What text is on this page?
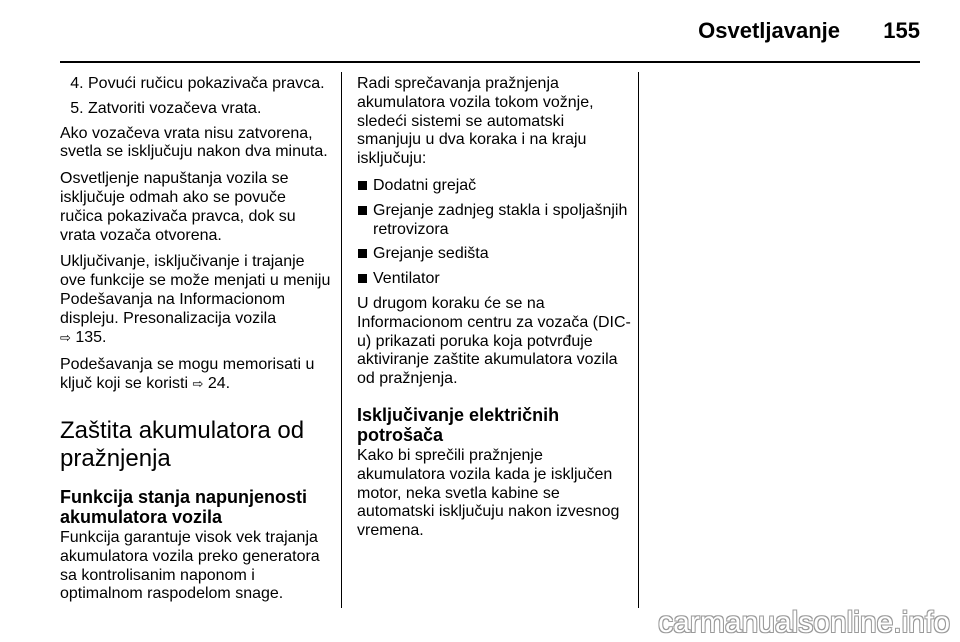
Osvetljavanje 155
4. Povući ručicu pokazivača pravca.
5. Zatvoriti vozačeva vrata.

Ako vozačeva vrata nisu zatvorena, svetla se isključuju nakon dva minuta.

Osvetljenje napuštanja vozila se isključuje odmah ako se povuče ručica pokazivača pravca, dok su vrata vozača otvorena.

Uključivanje, isključivanje i trajanje ove funkcije se može menjati u meniju Podešavanja na Informacionom displeju. Presonalizacija vozila
⇨ 135.

Podešavanja se mogu memorisati u ključ koji se koristi ⇨ 24.

Zaštita akumulatora od pražnjenja
Funkcija stanja napunjenosti akumulatora vozila

Funkcija garantuje visok vek trajanja akumulatora vozila preko generatora sa kontrolisanim naponom i optimalnom raspodelom snage.

Radi sprečavanja pražnjenja akumulatora vozila tokom vožnje, sledeći sistemi se automatski smanjuju u dva koraka i na kraju isključuju:

Dodatni grejač
Grejanje zadnjeg stakla i spoljašnjih retrovizora
Grejanje sedišta
Ventilator

U drugom koraku će se na Informacionom centru za vozača (DIC-u) prikazati poruka koja potvrđuje aktiviranje zaštite akumulatora vozila od pražnjenja.

Isključivanje električnih potrošača

Kako bi sprečili pražnjenje akumulatora vozila kada je isključen motor, neka svetla kabine se automatski isključuju nakon izvesnog vremena.

carmanualsonline.info
